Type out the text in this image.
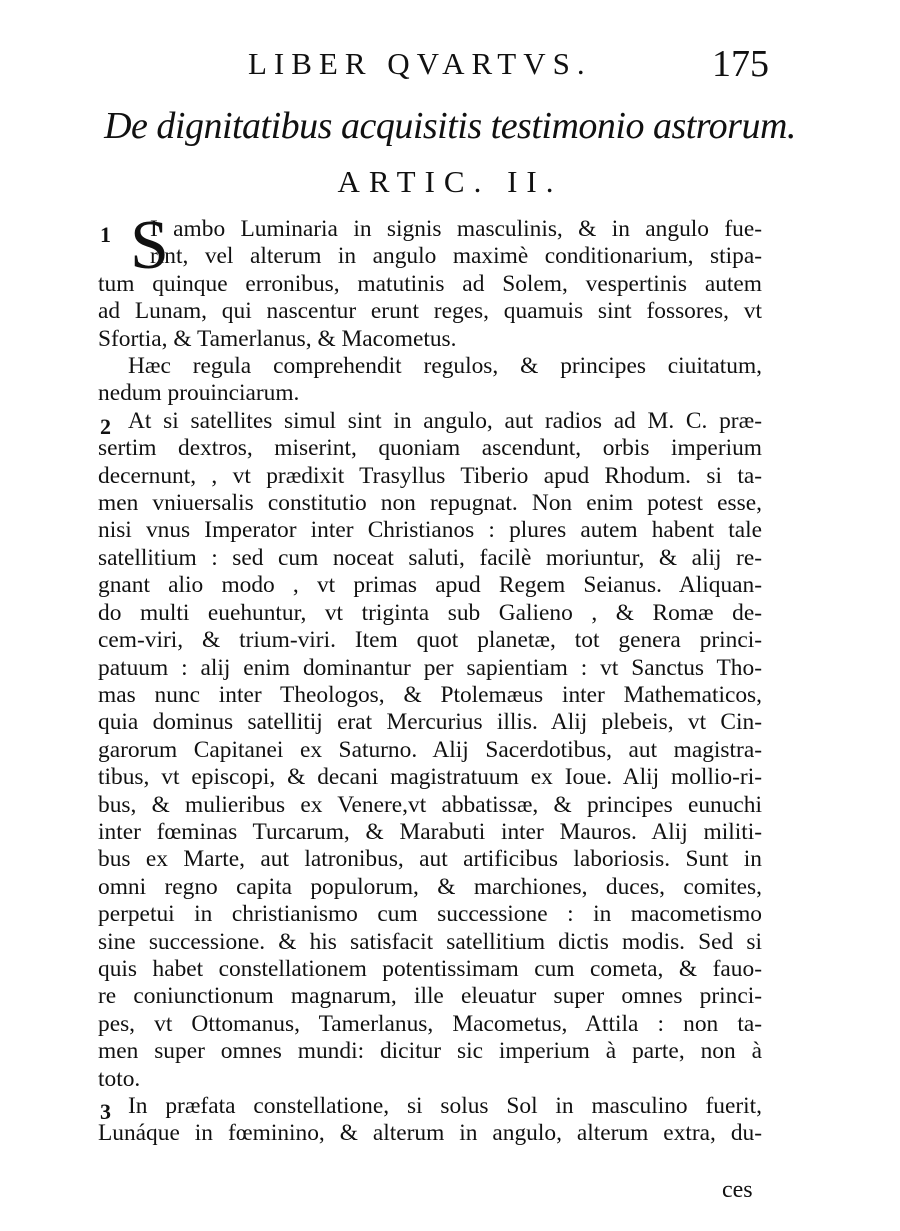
LIBER QVARTVS.	175
De dignitatibus acquisitis testimonio astrorum.
ARTIC. II.
S
1
2
3
I ambo Luminaria in signis masculinis, & in angulo fue-
rint, vel alterum in angulo maximè conditionarium, stipa-
tum quinque erronibus, matutinis ad Solem, vespertinis autem
ad Lunam, qui nascentur erunt reges, quamuis sint fossores, vt
Sfortia, & Tamerlanus, & Macometus.
Hæc regula comprehendit regulos, & principes ciuitatum,
nedum prouinciarum.
At si satellites simul sint in angulo, aut radios ad M. C. præ-
sertim dextros, miserint, quoniam ascendunt, orbis imperium
decernunt, , vt prædixit Trasyllus Tiberio apud Rhodum. si ta-
men vniuersalis constitutio non repugnat. Non enim potest esse,
nisi vnus Imperator inter Christianos : plures autem habent tale
satellitium : sed cum noceat saluti, facilè moriuntur, & alij re-
gnant alio modo , vt primas apud Regem Seianus. Aliquan-
do multi euehuntur, vt triginta sub Galieno , & Romæ de-
cem-viri, & trium-viri. Item quot planetæ, tot genera princi-
patuum : alij enim dominantur per sapientiam : vt Sanctus Tho-
mas nunc inter Theologos, & Ptolemæus inter Mathematicos,
quia dominus satellitij erat Mercurius illis. Alij plebeis, vt Cin-
garorum Capitanei ex Saturno. Alij Sacerdotibus, aut magistra-
tibus, vt episcopi, & decani magistratuum ex Ioue. Alij mollio-ri-
bus, & mulieribus ex Venere,vt abbatissæ, & principes eunuchi
inter fœminas Turcarum, & Marabuti inter Mauros. Alij militi-
bus ex Marte, aut latronibus, aut artificibus laboriosis. Sunt in
omni regno capita populorum, & marchiones, duces, comites,
perpetui in christianismo cum successione : in macometismo
sine successione. & his satisfacit satellitium dictis modis. Sed si
quis habet constellationem potentissimam cum cometa, & fauo-
re coniunctionum magnarum, ille eleuatur super omnes princi-
pes, vt Ottomanus, Tamerlanus, Macometus, Attila : non ta-
men super omnes mundi: dicitur sic imperium à parte, non à
toto.
In præfata constellatione, si solus Sol in masculino fuerit,
Lunáque in fœminino, & alterum in angulo, alterum extra, du-
ces
